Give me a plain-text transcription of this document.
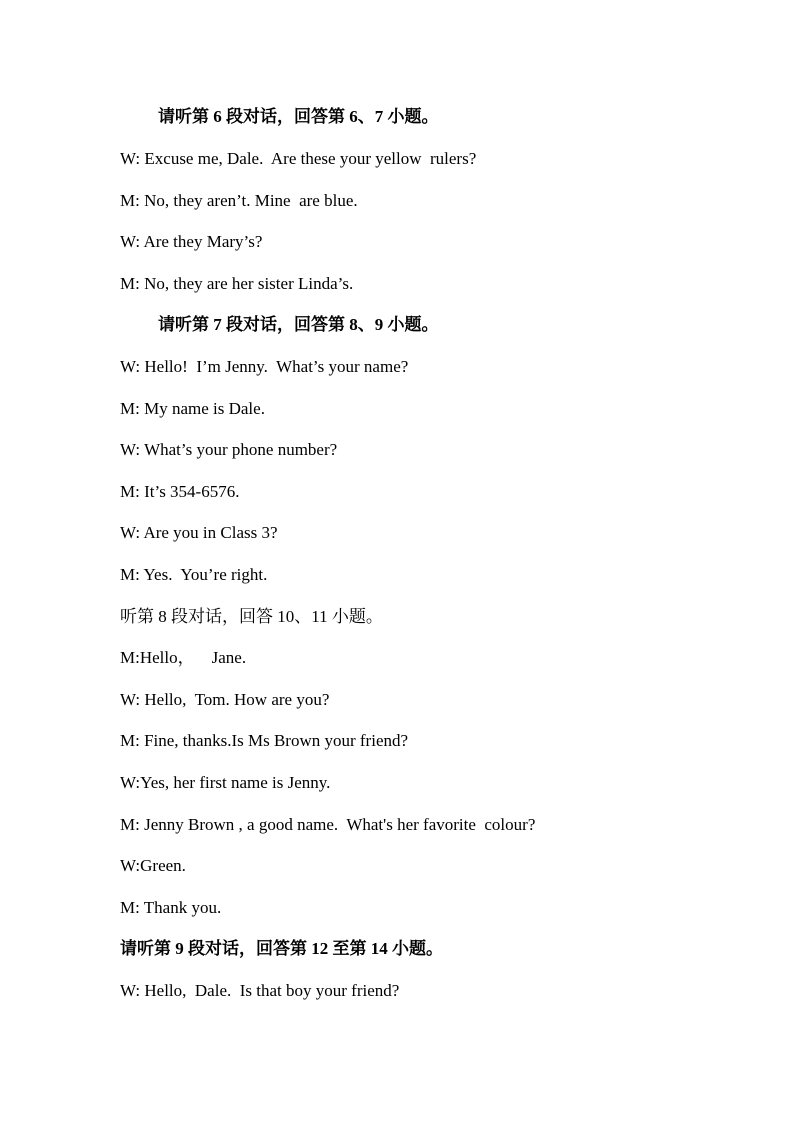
请听第 6 段对话，回答第 6、7 小题。
W: Excuse me, Dale.  Are these your yellow  rulers?
M: No, they aren’t. Mine  are blue.
W: Are they Mary’s?
M: No, they are her sister Linda’s.
请听第 7 段对话，回答第 8、9 小题。
W: Hello!  I’m Jenny.  What’s your name?
M: My name is Dale.
W: What’s your phone number?
M: It’s 354-6576.
W: Are you in Class 3?
M: Yes.  You’re right.
听第 8 段对话，回答 10、11 小题。
M:Hello，    Jane.
W: Hello,  Tom. How are you?
M: Fine, thanks.Is Ms Brown your friend?
W:Yes, her first name is Jenny.
M: Jenny Brown , a good name.  What's her favorite  colour?
W:Green.
M: Thank you.
请听第 9 段对话，回答第 12 至第 14 小题。
W: Hello,  Dale.  Is that boy your friend?
